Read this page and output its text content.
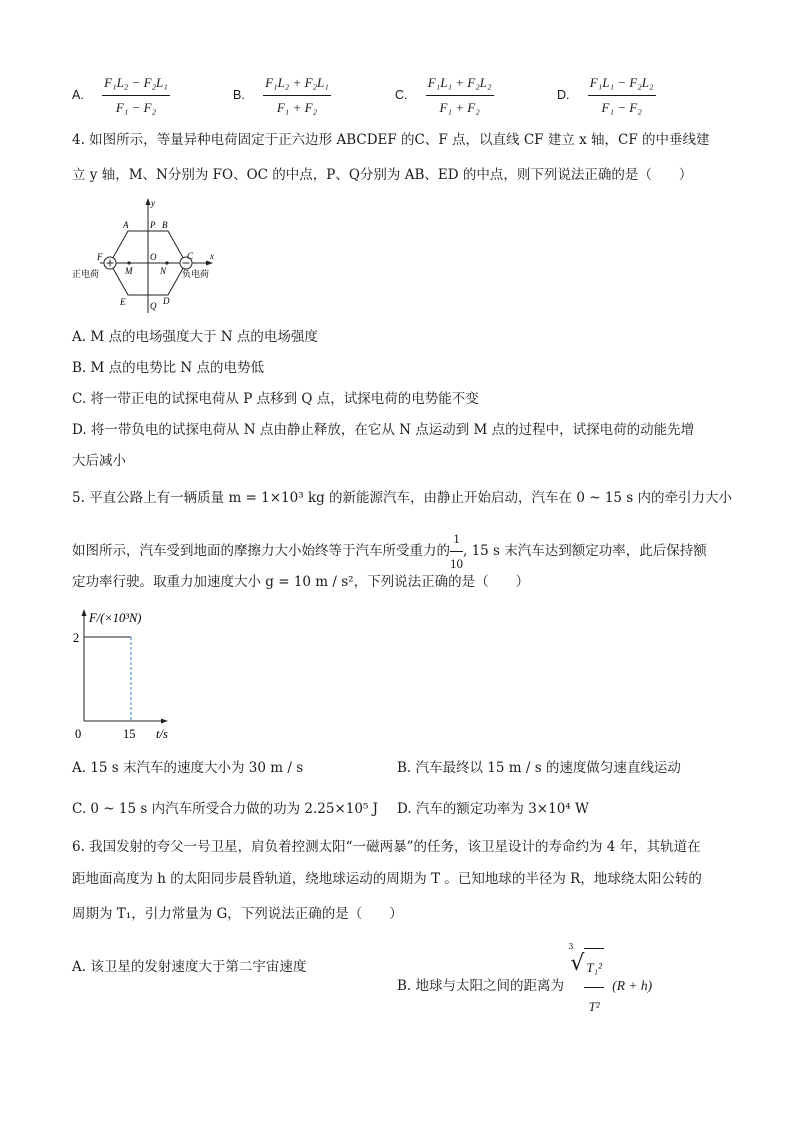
A. $\frac{\text{F₁L₂ − F₂L₁}}{\text{F₁ − F₂}}$	B. $\frac{\text{F₁L₂ + F₂L₁}}{\text{F₁ + F₂}}$	C. $\frac{\text{F₁L₁ + F₂L₂}}{\text{F₁ + F₂}}$	D. $\frac{\text{F₁L₁ − F₂L₂}}{\text{F₁ − F₂}}$
4. 如图所示，等量异种电荷固定于正六边形 ABCDEF 的C、F 点，以直线 CF 建立 x 轴，CF 的中垂线建
立 y 轴，M、N分别为 FO、OC 的中点，P、Q分别为 AB、ED 的中点，则下列说法正确的是（　　）
y
x
A P B
F	C
O
M	N
E	Q D
正电荷	负电荷
A. M 点的电场强度大于 N 点的电场强度
B. M 点的电势比 N 点的电势低
C. 将一带正电的试探电荷从 P 点移到 Q 点，试探电荷的电势能不变
D. 将一带负电的试探电荷从 N 点由静止释放，在它从 N 点运动到 M 点的过程中，试探电荷的动能先增
大后减小
5. 平直公路上有一辆质量 m = 1×10³ kg 的新能源汽车，由静止开始启动，汽车在 0 ~ 15 s 内的牵引力大小
如图所示，汽车受到地面的摩擦力大小始终等于汽车所受重力的 $\frac{1}{10}$ , 15 s 末汽车达到额定功率，此后保持额
定功率行驶。取重力加速度大小 g = 10 m / s²，下列说法正确的是（　　）
F/(×10³N)
t/s
2
0	15
A. 15 s 末汽车的速度大小为 30 m / s	B. 汽车最终以 15 m / s 的速度做匀速直线运动
C. 0 ~ 15 s 内汽车所受合力做的功为 2.25×10⁵ J D. 汽车的额定功率为 3×10⁴ W
6. 我国发射的夸父一号卫星，肩负着控测太阳“一磁两暴”的任务，该卫星设计的寿命约为 4 年，其轨道在
距地面高度为 h 的太阳同步晨昏轨道，绕地球运动的周期为 T 。已知地球的半径为 R，地球绕太阳公转的
周期为 T₁，引力常量为 G，下列说法正确的是（　　）
A. 该卫星的发射速度大于第二宇宙速度
B. 地球与太阳之间的距离为
3
√ $\frac{\text{T₁²}}{\text{T²}} (R + h)$
